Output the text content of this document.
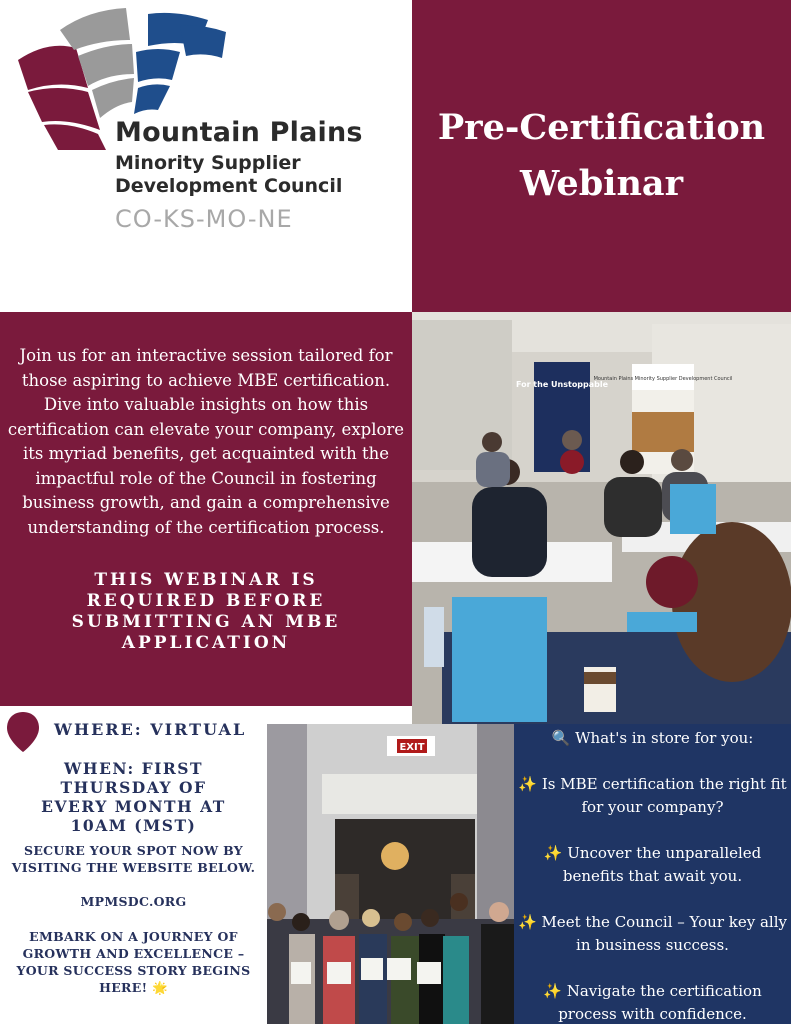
Mountain Plains
Minority Supplier
Development Council
CO-KS-MO-NE
Pre-Certification
Webinar
Join us for an interactive session tailored for those aspiring to achieve MBE certification. Dive into valuable insights on how this certification can elevate your company, explore its myriad benefits, get acquainted with the impactful role of the Council in fostering business growth, and gain a comprehensive understanding of the certification process.
THIS WEBINAR IS REQUIRED BEFORE SUBMITTING AN MBE APPLICATION
For the Unstoppable
Mountain Plains Minority Supplier Development Council
WHERE: VIRTUAL
WHEN: FIRST THURSDAY OF EVERY MONTH AT 10AM (MST)
SECURE YOUR SPOT NOW BY VISITING THE WEBSITE BELOW.
MPMSDC.ORG
EMBARK ON A JOURNEY OF GROWTH AND EXCELLENCE – YOUR SUCCESS STORY BEGINS HERE! 🌟
EXIT
🔍 What's in store for you:
✨ Is MBE certification the right fit for your company?
✨ Uncover the unparalleled benefits that await you.
✨ Meet the Council – Your key ally in business success.
✨ Navigate the certification process with confidence.
